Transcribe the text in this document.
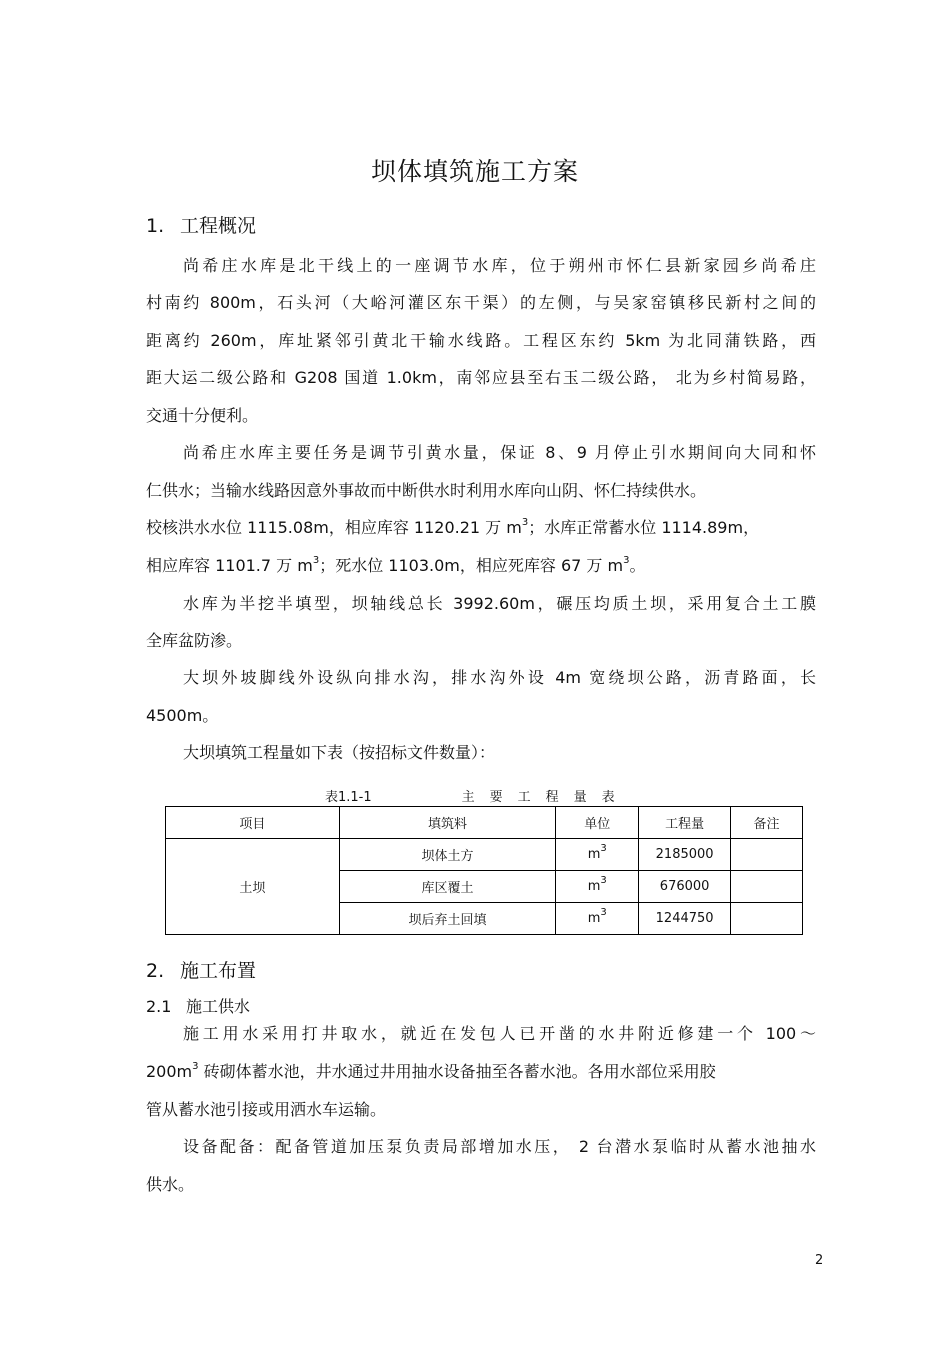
坝体填筑施工方案
1. 工程概况
尚希庄水库是北干线上的一座调节水库，位于朔州市怀仁县新家园乡尚希庄
村南约 800m，石头河（大峪河灌区东干渠）的左侧，与吴家窑镇移民新村之间的
距离约 260m，库址紧邻引黄北干输水线路。工程区东约 5km 为北同蒲铁路，西
距大运二级公路和 G208 国道 1.0km，南邻应县至右玉二级公路， 北为乡村简易路，
交通十分便利。
尚希庄水库主要任务是调节引黄水量，保证 8、9 月停止引水期间向大同和怀
仁供水；当输水线路因意外事故而中断供水时利用水库向山阴、怀仁持续供水。
校核洪水水位 1115.08m，相应库容 1120.21 万 $m^3$；水库正常蓄水位 1114.89m，
相应库容 1101.7 万 $m^3$；死水位 1103.0m，相应死库容 67 万 $m^3$。
水库为半挖半填型，坝轴线总长 3992.60m，碾压均质土坝，采用复合土工膜
全库盆防渗。
大坝外坡脚线外设纵向排水沟，排水沟外设 4m 宽绕坝公路，沥青路面，长
4500m。
大坝填筑工程量如下表（按招标文件数量）：
表1.1-1	主要工程量表
项目	填筑料	单位	工程量	备注
土坝	坝体土方	$m^3$	2185000	
	库区覆土	$m^3$	676000	
	坝后弃土回填	$m^3$	1244750	
2. 施工布置
2.1 施工供水
施工用水采用打井取水，就近在发包人已开凿的水井附近修建一个 100～
$200m^3$ 砖砌体蓄水池，井水通过井用抽水设备抽至各蓄水池。各用水部位采用胶
管从蓄水池引接或用洒水车运输。
设备配备：配备管道加压泵负责局部增加水压， 2 台潜水泵临时从蓄水池抽水
供水。
2
